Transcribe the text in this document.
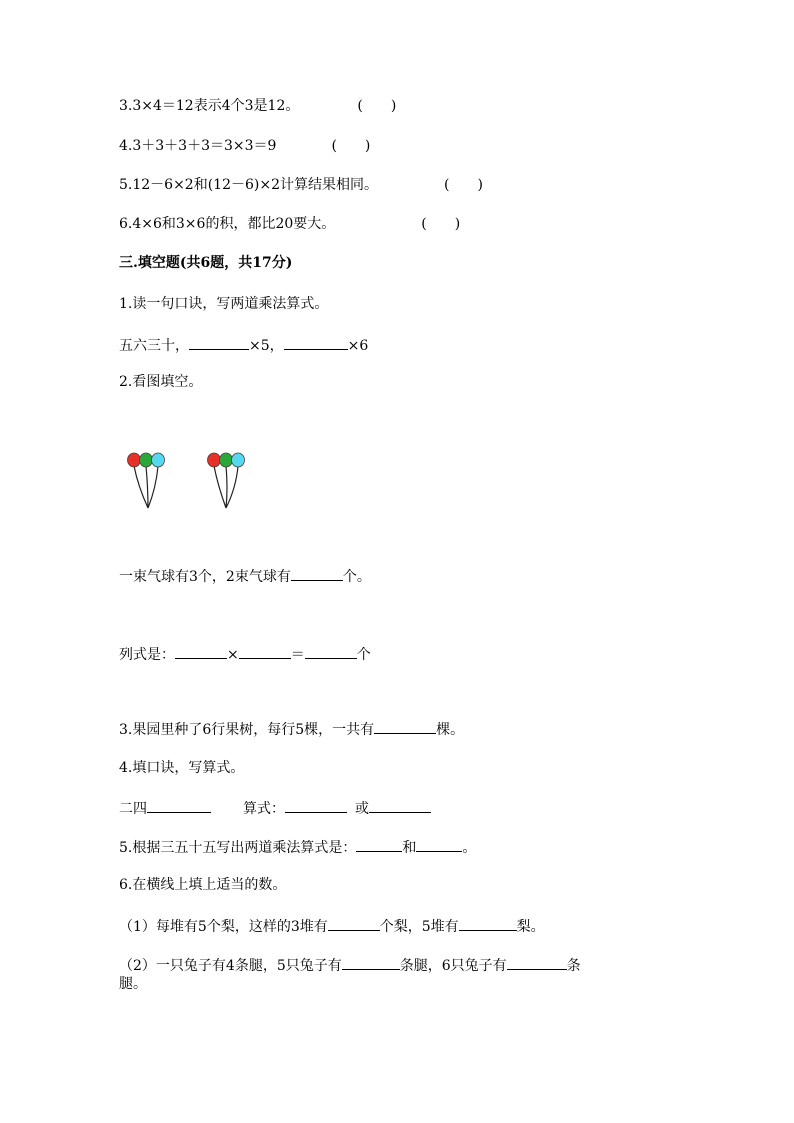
3.3×4＝12表示4个3是12。	(　　)
4.3＋3＋3＋3＝3×3＝9	(　　)
5.12－6×2和(12－6)×2计算结果相同。	(　　)
6.4×6和3×6的积，都比20要大。	(　　)
三.填空题(共6题，共17分)
1.读一句口诀，写两道乘法算式。
五六三十，	×5，	×6
2.看图填空。
一束气球有3个，2束气球有	个。
列式是：	×	＝	个
3.果园里种了6行果树，每行5棵，一共有	棵。
4.填口诀，写算式。
二四	算式：	或
5.根据三五十五写出两道乘法算式是：	和	。
6.在横线上填上适当的数。
（1）每堆有5个梨，这样的3堆有	个梨，5堆有	梨。
（2）一只兔子有4条腿，5只兔子有	条腿，6只兔子有	条
腿。
